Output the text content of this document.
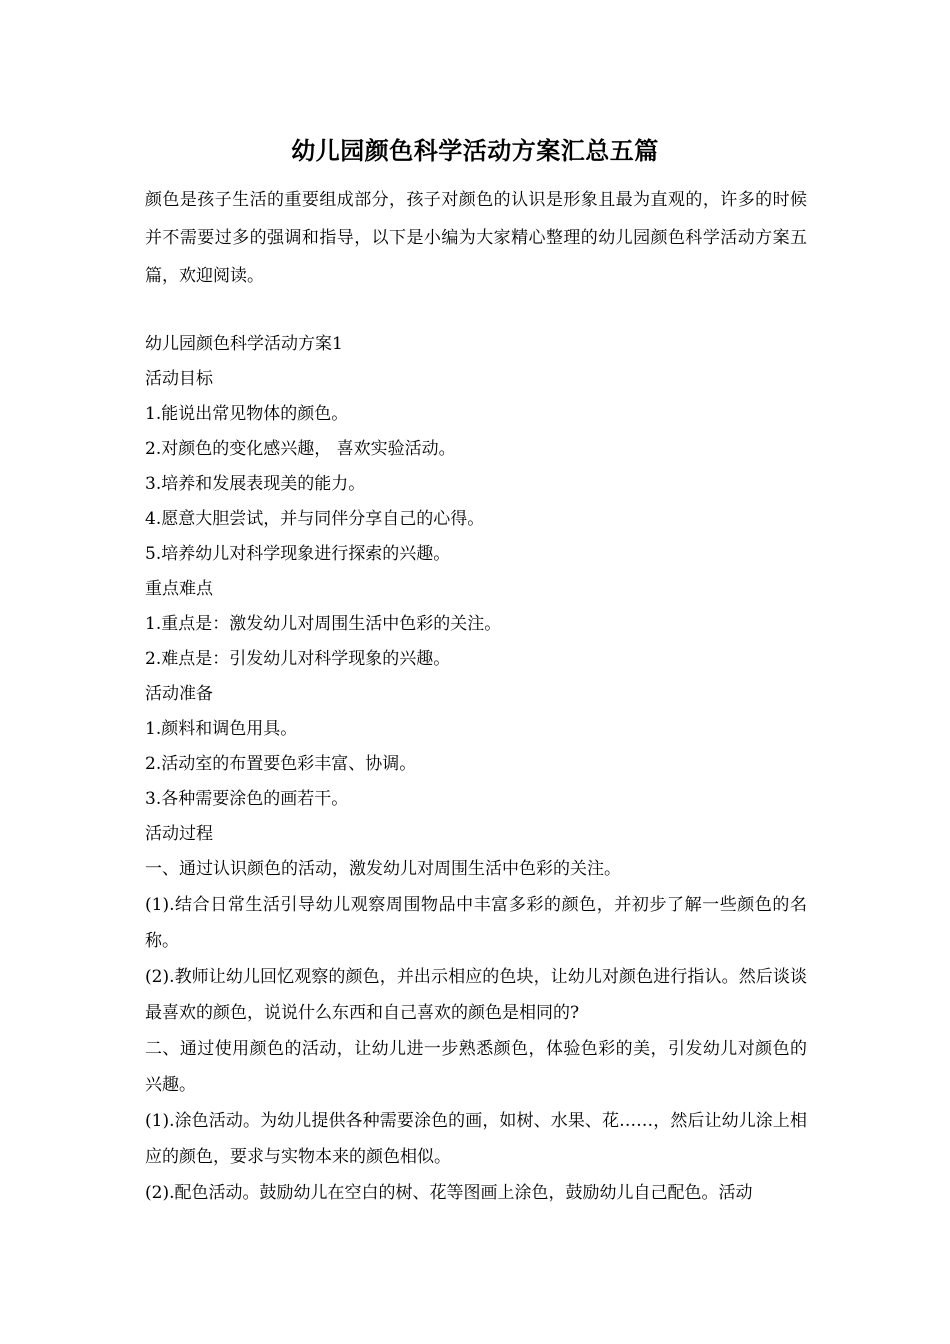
幼儿园颜色科学活动方案汇总五篇
颜色是孩子生活的重要组成部分，孩子对颜色的认识是形象且最为直观的，许多的时候并不需要过多的强调和指导，以下是小编为大家精心整理的幼儿园颜色科学活动方案五篇，欢迎阅读。

幼儿园颜色科学活动方案1

活动目标

1.能说出常见物体的颜色。

2.对颜色的变化感兴趣， 喜欢实验活动。

3.培养和发展表现美的能力。

4.愿意大胆尝试，并与同伴分享自己的心得。

5.培养幼儿对科学现象进行探索的兴趣。

重点难点

1.重点是：激发幼儿对周围生活中色彩的关注。

2.难点是：引发幼儿对科学现象的兴趣。

活动准备

1.颜料和调色用具。

2.活动室的布置要色彩丰富、协调。

3.各种需要涂色的画若干。

活动过程

一、通过认识颜色的活动，激发幼儿对周围生活中色彩的关注。

(1).结合日常生活引导幼儿观察周围物品中丰富多彩的颜色，并初步了解一些颜色的名称。

(2).教师让幼儿回忆观察的颜色，并出示相应的色块，让幼儿对颜色进行指认。然后谈谈最喜欢的颜色，说说什么东西和自己喜欢的颜色是相同的?

二、通过使用颜色的活动，让幼儿进一步熟悉颜色，体验色彩的美，引发幼儿对颜色的兴趣。

(1).涂色活动。为幼儿提供各种需要涂色的画，如树、水果、花……，然后让幼儿涂上相应的颜色，要求与实物本来的颜色相似。

(2).配色活动。鼓励幼儿在空白的树、花等图画上涂色，鼓励幼儿自己配色。活动
